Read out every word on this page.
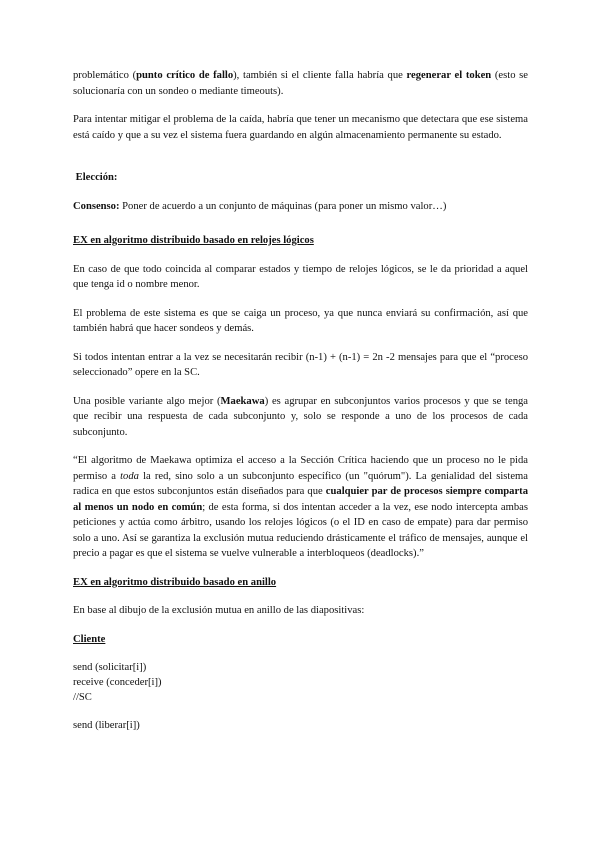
problemático (punto crítico de fallo), también si el cliente falla habría que regenerar el token (esto se solucionaría con un sondeo o mediante timeouts).

Para intentar mitigar el problema de la caída, habría que tener un mecanismo que detectara que ese sistema está caído y que a su vez el sistema fuera guardando en algún almacenamiento permanente su estado.

Elección:

Consenso: Poner de acuerdo a un conjunto de máquinas (para poner un mismo valor…)

EX en algoritmo distribuido basado en relojes lógicos

En caso de que todo coincida al comparar estados y tiempo de relojes lógicos, se le da prioridad a aquel que tenga id o nombre menor.

El problema de este sistema es que se caiga un proceso, ya que nunca enviará su confirmación, así que también habrá que hacer sondeos y demás.

Si todos intentan entrar a la vez se necesitarán recibir (n-1) + (n-1) = 2n -2 mensajes para que el “proceso seleccionado” opere en la SC.

Una posible variante algo mejor (Maekawa) es agrupar en subconjuntos varios procesos y que se tenga que recibir una respuesta de cada subconjunto y, solo se responde a uno de los procesos de cada subconjunto.

“El algoritmo de Maekawa optimiza el acceso a la Sección Crítica haciendo que un proceso no le pida permiso a toda la red, sino solo a un subconjunto específico (un "quórum"). La genialidad del sistema radica en que estos subconjuntos están diseñados para que cualquier par de procesos siempre comparta al menos un nodo en común; de esta forma, si dos intentan acceder a la vez, ese nodo intercepta ambas peticiones y actúa como árbitro, usando los relojes lógicos (o el ID en caso de empate) para dar permiso solo a uno. Así se garantiza la exclusión mutua reduciendo drásticamente el tráfico de mensajes, aunque el precio a pagar es que el sistema se vuelve vulnerable a interbloqueos (deadlocks).”

EX en algoritmo distribuido basado en anillo

En base al dibujo de la exclusión mutua en anillo de las diapositivas:

Cliente

send (solicitar[i])

receive (conceder[i])

//SC

send (liberar[i])
